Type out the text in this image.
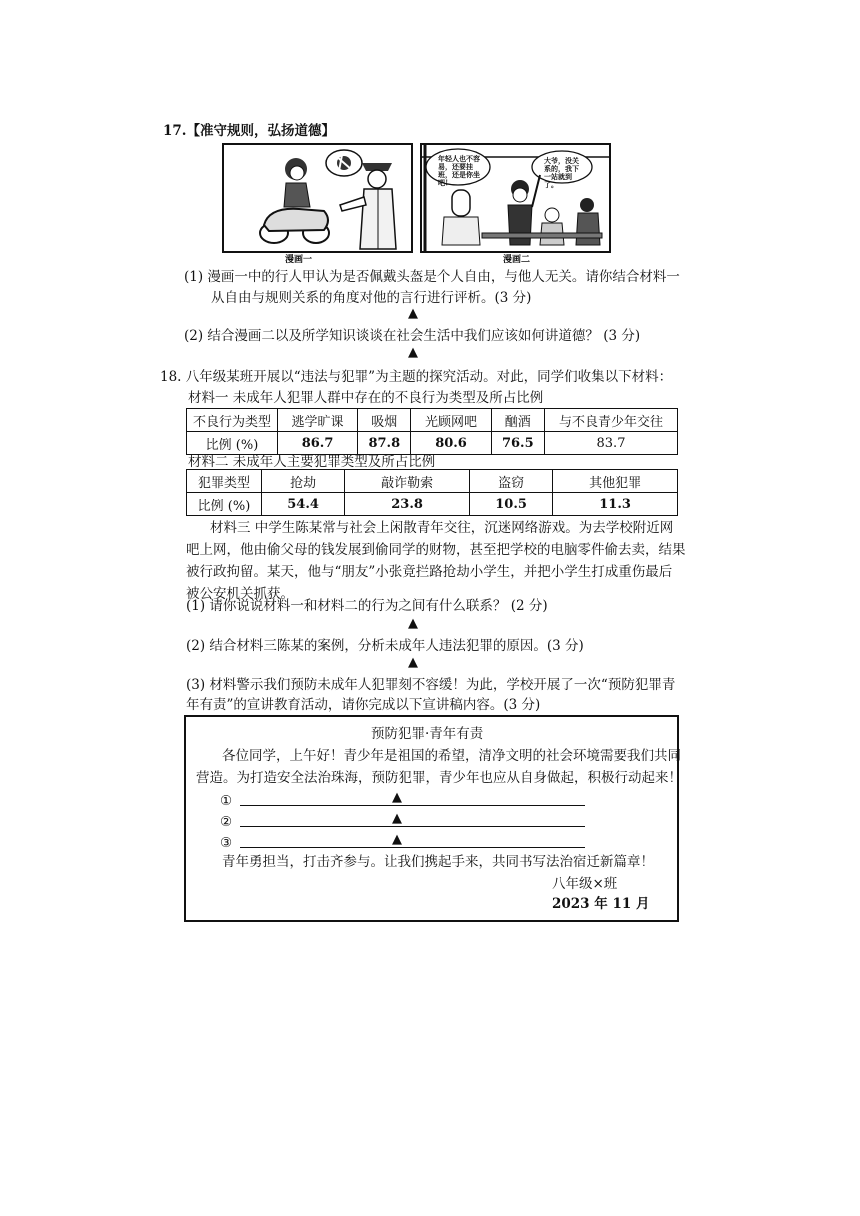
17.【准守规则，弘扬道德】
漫画一
年轻人也不容易，还要挂班，还是你坐吧！
大爷，没关系的，我下一站就到了。
漫画二
(1) 漫画一中的行人甲认为是否佩戴头盔是个人自由，与他人无关。请你结合材料一
从自由与规则关系的角度对他的言行进行评析。(3 分)
▲
(2) 结合漫画二以及所学知识谈谈在社会生活中我们应该如何讲道德？ (3 分)
▲
18. 八年级某班开展以“违法与犯罪”为主题的探究活动。对此，同学们收集以下材料：
材料一 未成年人犯罪人群中存在的不良行为类型及所占比例
不良行为类型	逃学旷课	吸烟	光顾网吧	酗酒	与不良青少年交往
比例 (%)	86.7	87.8	80.6	76.5	83.7
材料二 未成年人主要犯罪类型及所占比例
犯罪类型	抢劫	敲诈勒索	盗窃	其他犯罪
比例 (%)	54.4	23.8	10.5	11.3
材料三 中学生陈某常与社会上闲散青年交往，沉迷网络游戏。为去学校附近网
吧上网，他由偷父母的钱发展到偷同学的财物，甚至把学校的电脑零件偷去卖，结果
被行政拘留。某天，他与“朋友”小张竟拦路抢劫小学生，并把小学生打成重伤最后
被公安机关抓获。
(1) 请你说说材料一和材料二的行为之间有什么联系？ (2 分)
▲
(2) 结合材料三陈某的案例，分析未成年人违法犯罪的原因。(3 分)
▲
(3) 材料警示我们预防未成年人犯罪刻不容缓！为此，学校开展了一次“预防犯罪青
年有责”的宣讲教育活动，请你完成以下宣讲稿内容。(3 分)
预防犯罪·青年有责
各位同学，上午好！青少年是祖国的希望，清净文明的社会环境需要我们共同
营造。为打造安全法治珠海，预防犯罪，青少年也应从自身做起，积极行动起来！
①	▲
②	▲
③	▲
青年勇担当，打击齐参与。让我们携起手来，共同书写法治宿迁新篇章！
八年级×班
2023 年 11 月
